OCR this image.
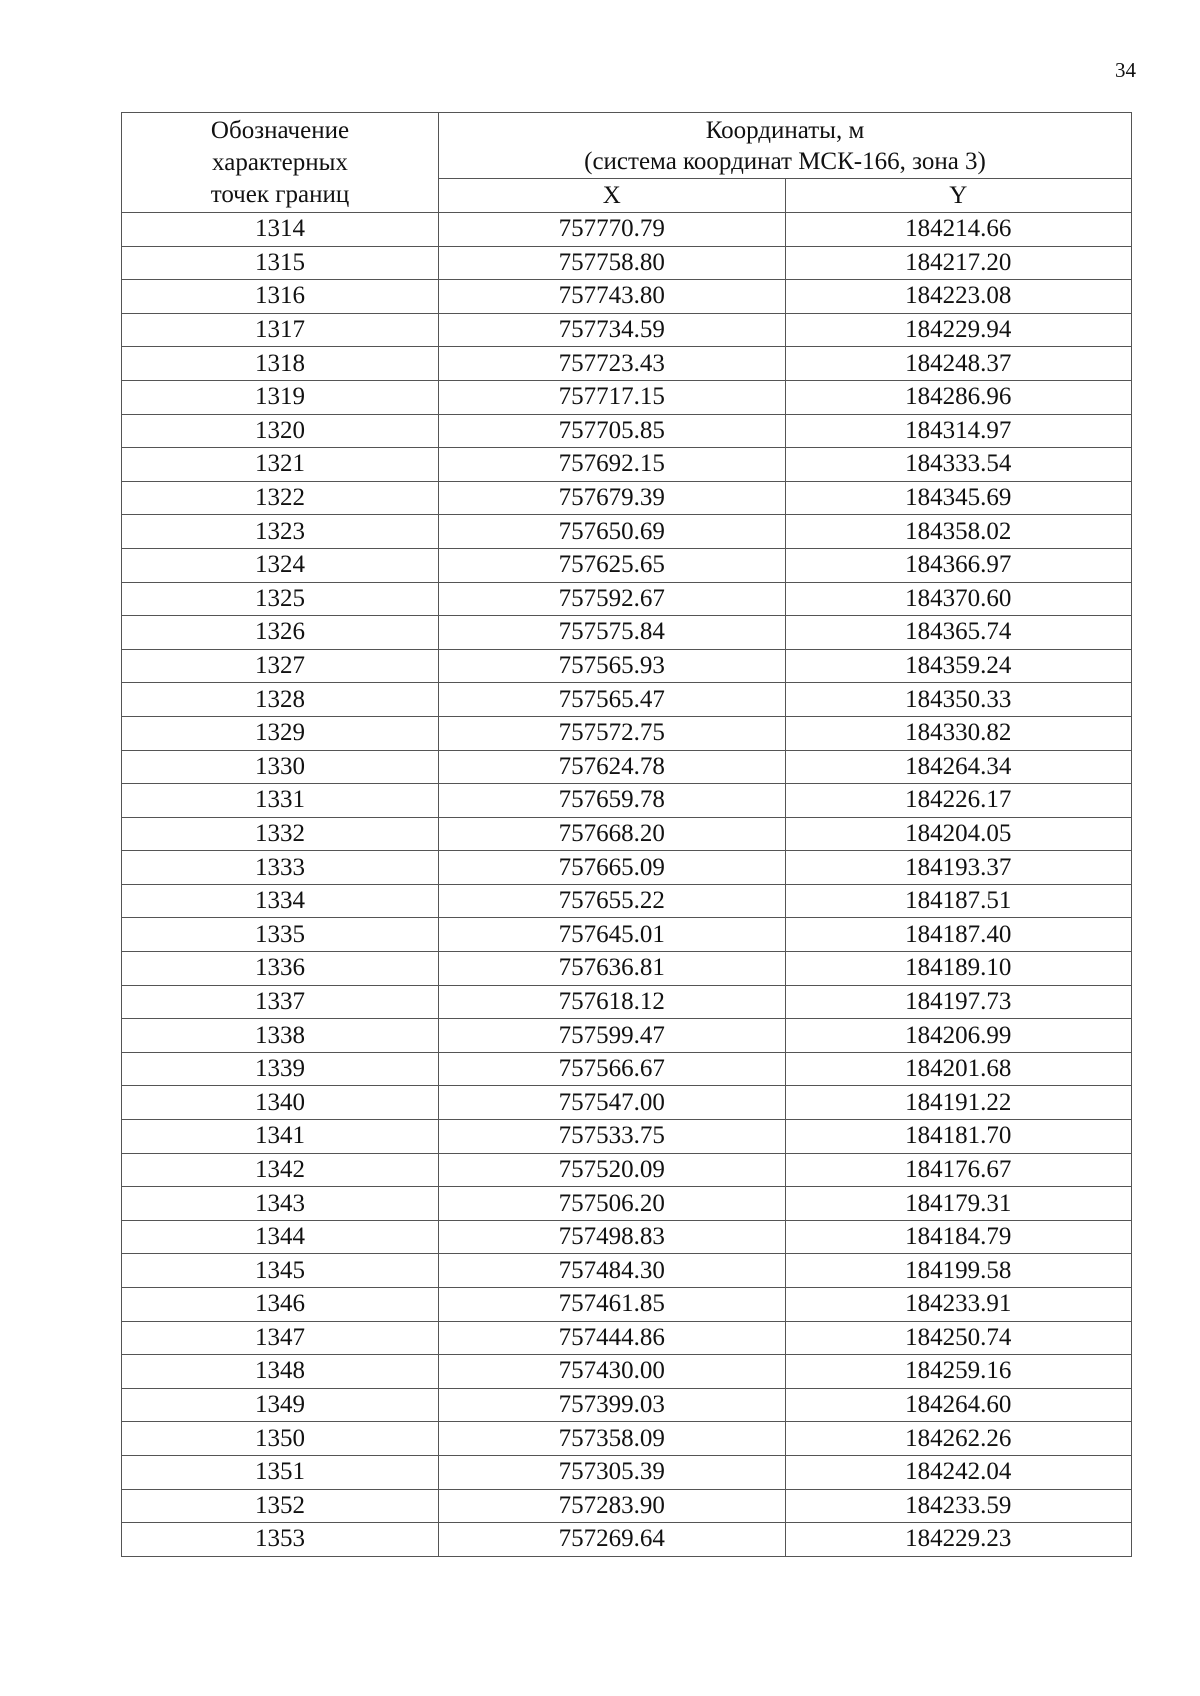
34
Обозначение
характерных
точек границ	Координаты, м
(система координат МСК-166, зона 3)	

	X	Y
1314	757770.79	184214.66
1315	757758.80	184217.20
1316	757743.80	184223.08
1317	757734.59	184229.94
1318	757723.43	184248.37
1319	757717.15	184286.96
1320	757705.85	184314.97
1321	757692.15	184333.54
1322	757679.39	184345.69
1323	757650.69	184358.02
1324	757625.65	184366.97
1325	757592.67	184370.60
1326	757575.84	184365.74
1327	757565.93	184359.24
1328	757565.47	184350.33
1329	757572.75	184330.82
1330	757624.78	184264.34
1331	757659.78	184226.17
1332	757668.20	184204.05
1333	757665.09	184193.37
1334	757655.22	184187.51
1335	757645.01	184187.40
1336	757636.81	184189.10
1337	757618.12	184197.73
1338	757599.47	184206.99
1339	757566.67	184201.68
1340	757547.00	184191.22
1341	757533.75	184181.70
1342	757520.09	184176.67
1343	757506.20	184179.31
1344	757498.83	184184.79
1345	757484.30	184199.58
1346	757461.85	184233.91
1347	757444.86	184250.74
1348	757430.00	184259.16
1349	757399.03	184264.60
1350	757358.09	184262.26
1351	757305.39	184242.04
1352	757283.90	184233.59
1353	757269.64	184229.23
